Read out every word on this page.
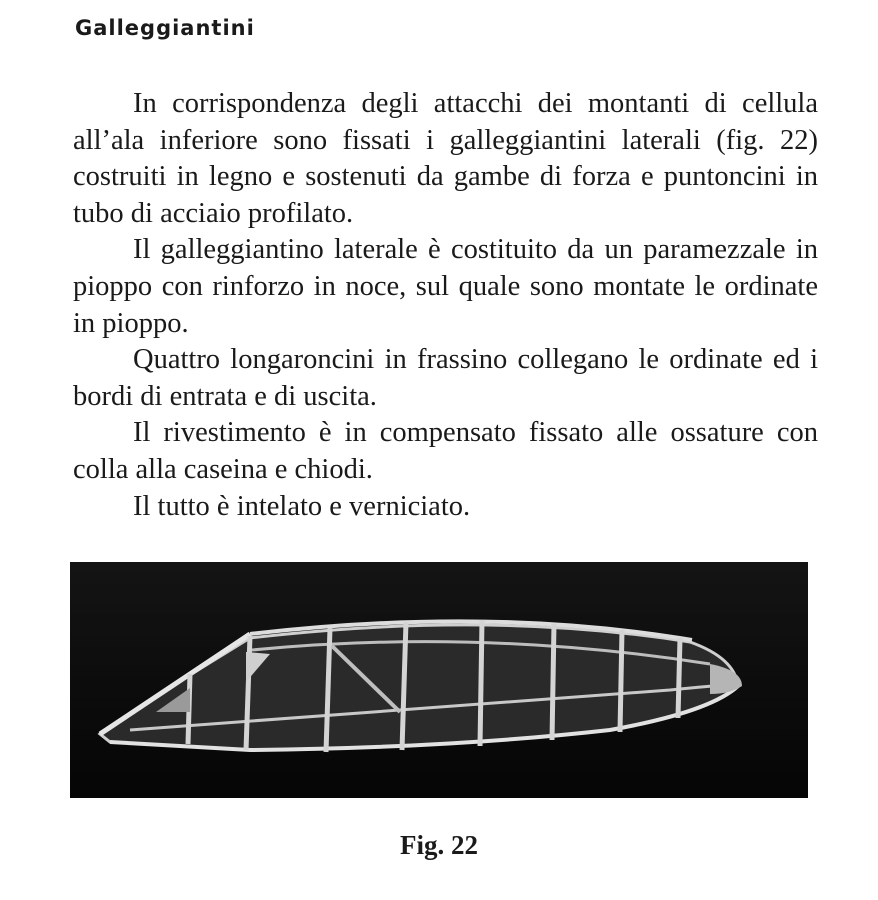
Galleggiantini

In corrispondenza degli attacchi dei montanti di cellula all’ala inferiore sono fissati i galleggiantini laterali (fig. 22) costruiti in legno e sostenuti da gambe di forza e puntoncini in tubo di acciaio profilato.

Il galleggiantino laterale è costituito da un paramezzale in pioppo con rinforzo in noce, sul quale sono montate le ordinate in pioppo.

Quattro longaroncini in frassino collegano le ordinate ed i bordi di entrata e di uscita.

Il rivestimento è in compensato fissato alle ossature con colla alla caseina e chiodi.

Il tutto è intelato e verniciato.

Fig. 22
